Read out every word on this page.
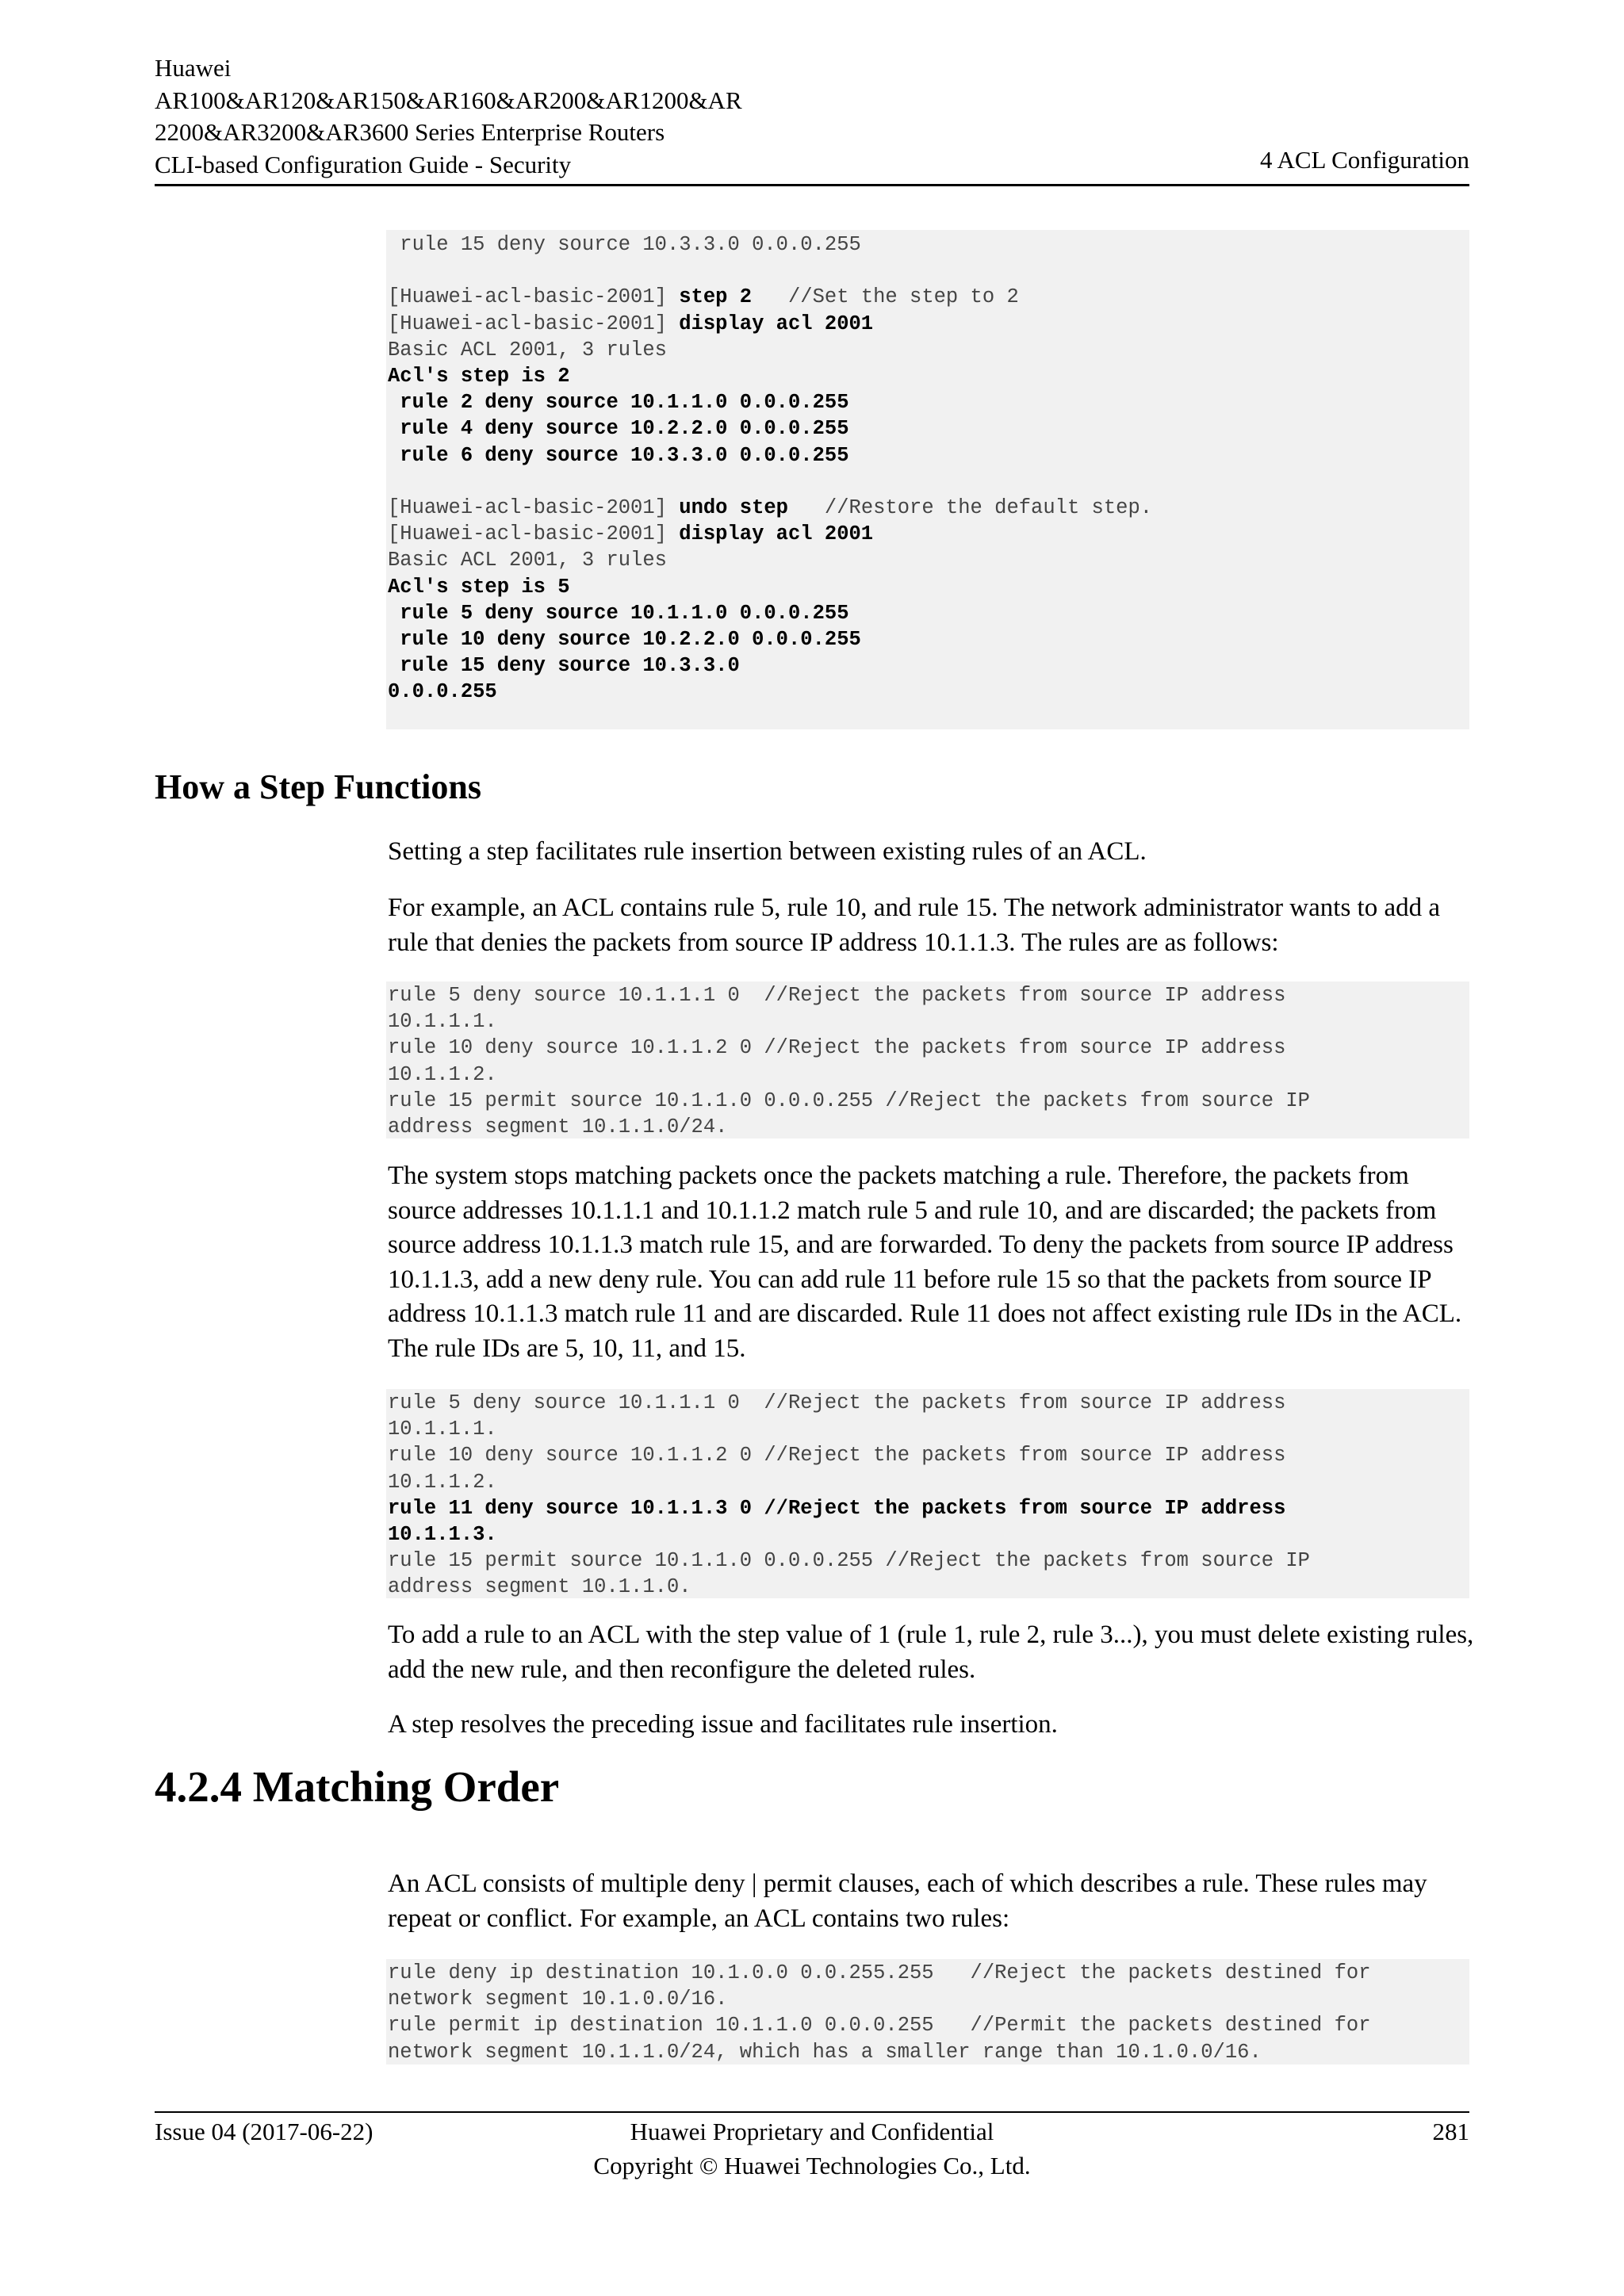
Huawei
AR100&AR120&AR150&AR160&AR200&AR1200&AR
2200&AR3200&AR3600 Series Enterprise Routers
CLI-based Configuration Guide - Security	4 ACL Configuration
rule 15 deny source 10.3.3.0 0.0.0.255
[Huawei-acl-basic-2001] step 2   //Set the step to 2
[Huawei-acl-basic-2001] display acl 2001
Basic ACL 2001, 3 rules
Acl's step is 2
rule 2 deny source 10.1.1.0 0.0.0.255
rule 4 deny source 10.2.2.0 0.0.0.255
rule 6 deny source 10.3.3.0 0.0.0.255
[Huawei-acl-basic-2001] undo step   //Restore the default step.
[Huawei-acl-basic-2001] display acl 2001
Basic ACL 2001, 3 rules
Acl's step is 5
rule 5 deny source 10.1.1.0 0.0.0.255
rule 10 deny source 10.2.2.0 0.0.0.255
rule 15 deny source 10.3.3.0
0.0.0.255
How a Step Functions
Setting a step facilitates rule insertion between existing rules of an ACL.
For example, an ACL contains rule 5, rule 10, and rule 15. The network administrator wants to add a rule that denies the packets from source IP address 10.1.1.3. The rules are as follows:
rule 5 deny source 10.1.1.1 0  //Reject the packets from source IP address
10.1.1.1.
rule 10 deny source 10.1.1.2 0 //Reject the packets from source IP address
10.1.1.2.
rule 15 permit source 10.1.1.0 0.0.0.255 //Reject the packets from source IP
address segment 10.1.1.0/24.
The system stops matching packets once the packets matching a rule. Therefore, the packets from source addresses 10.1.1.1 and 10.1.1.2 match rule 5 and rule 10, and are discarded; the packets from source address 10.1.1.3 match rule 15, and are forwarded. To deny the packets from source IP address 10.1.1.3, add a new deny rule. You can add rule 11 before rule 15 so that the packets from source IP address 10.1.1.3 match rule 11 and are discarded. Rule 11 does not affect existing rule IDs in the ACL. The rule IDs are 5, 10, 11, and 15.
rule 5 deny source 10.1.1.1 0  //Reject the packets from source IP address
10.1.1.1.
rule 10 deny source 10.1.1.2 0 //Reject the packets from source IP address
10.1.1.2.
rule 11 deny source 10.1.1.3 0 //Reject the packets from source IP address
10.1.1.3.
rule 15 permit source 10.1.1.0 0.0.0.255 //Reject the packets from source IP
address segment 10.1.1.0.
To add a rule to an ACL with the step value of 1 (rule 1, rule 2, rule 3...), you must delete existing rules, add the new rule, and then reconfigure the deleted rules.
A step resolves the preceding issue and facilitates rule insertion.
4.2.4 Matching Order
An ACL consists of multiple deny | permit clauses, each of which describes a rule. These rules may repeat or conflict. For example, an ACL contains two rules:
rule deny ip destination 10.1.0.0 0.0.255.255   //Reject the packets destined for
network segment 10.1.0.0/16.
rule permit ip destination 10.1.1.0 0.0.0.255   //Permit the packets destined for
network segment 10.1.1.0/24, which has a smaller range than 10.1.0.0/16.
Issue 04 (2017-06-22)	Huawei Proprietary and Confidential
Copyright © Huawei Technologies Co., Ltd.
281
